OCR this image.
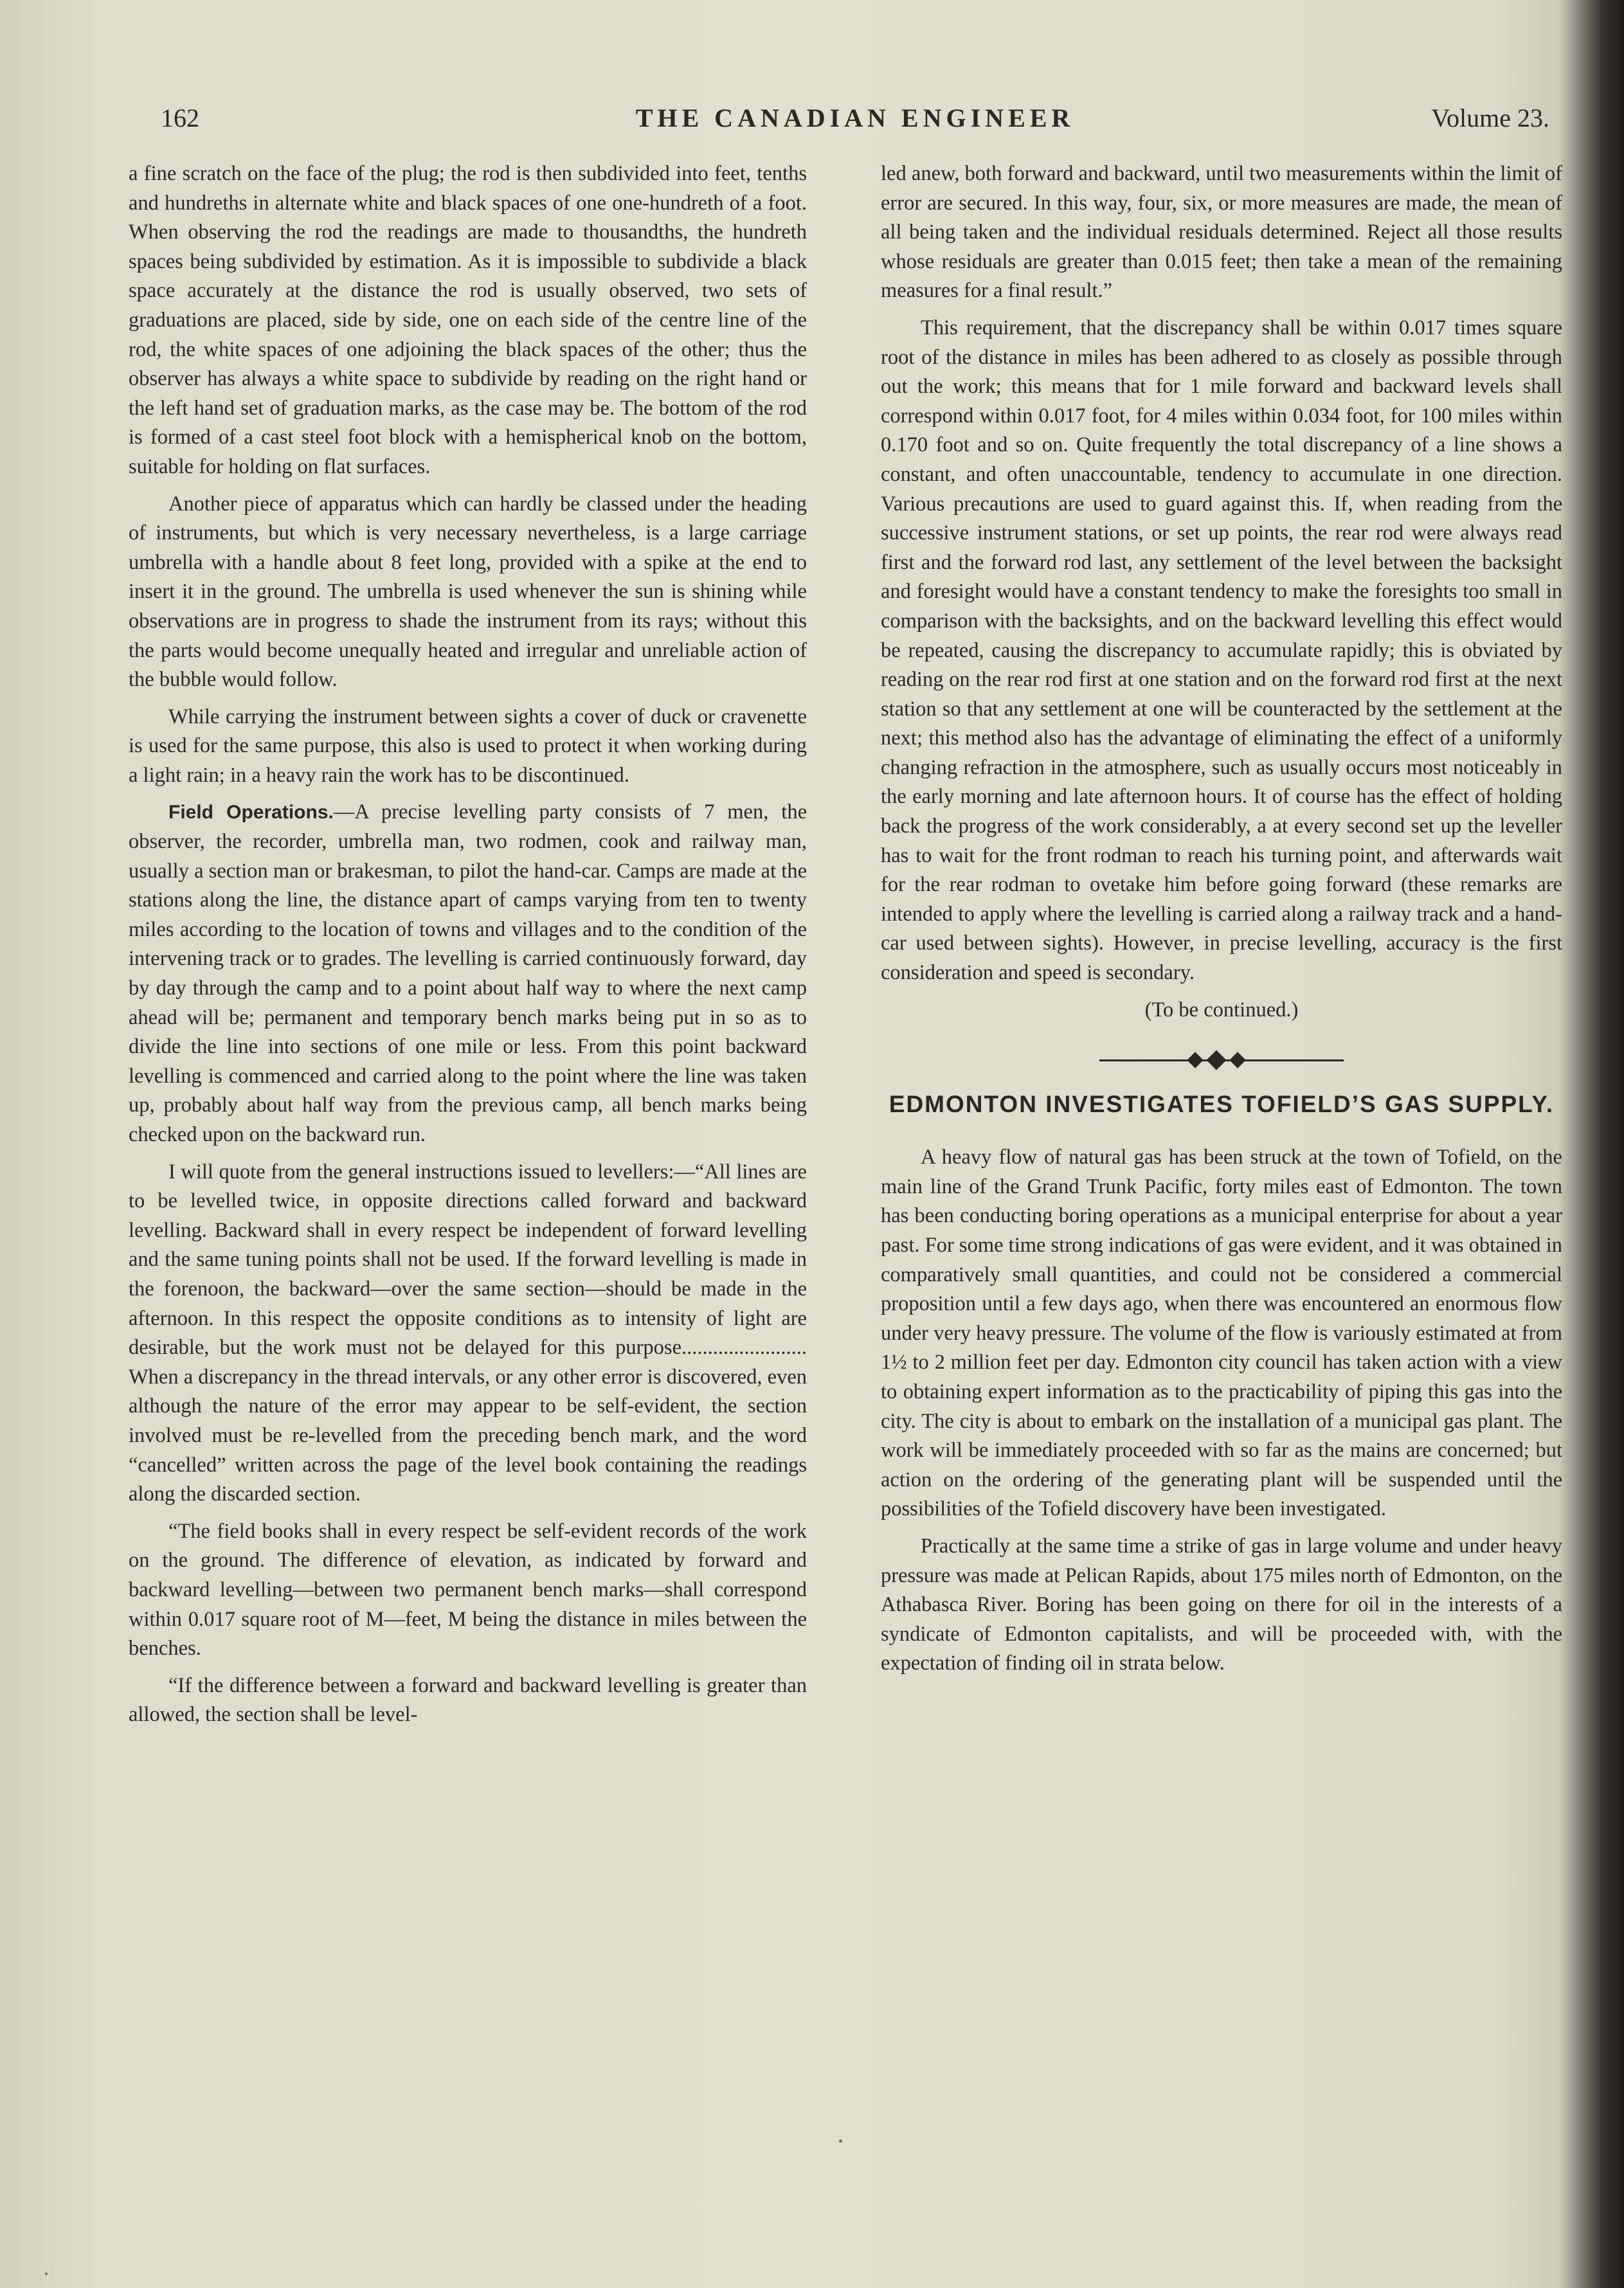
162	THE CANADIAN ENGINEER	Volume 23.

a fine scratch on the face of the plug; the rod is then subdivided into feet, tenths and hundreths in alternate white and black spaces of one one-hundreth of a foot. When observing the rod the readings are made to thousandths, the hundreth spaces being subdivided by estimation. As it is impossible to subdivide a black space accurately at the distance the rod is usually observed, two sets of graduations are placed, side by side, one on each side of the centre line of the rod, the white spaces of one adjoining the black spaces of the other; thus the observer has always a white space to subdivide by reading on the right hand or the left hand set of graduation marks, as the case may be. The bottom of the rod is formed of a cast steel foot block with a hemispherical knob on the bottom, suitable for holding on flat surfaces.

Another piece of apparatus which can hardly be classed under the heading of instruments, but which is very necessary nevertheless, is a large carriage umbrella with a handle about 8 feet long, provided with a spike at the end to insert it in the ground. The umbrella is used whenever the sun is shining while observations are in progress to shade the instrument from its rays; without this the parts would become unequally heated and irregular and unreliable action of the bubble would follow.

While carrying the instrument between sights a cover of duck or cravenette is used for the same purpose, this also is used to protect it when working during a light rain; in a heavy rain the work has to be discontinued.

Field Operations.—A precise levelling party consists of 7 men, the observer, the recorder, umbrella man, two rodmen, cook and railway man, usually a section man or brakesman, to pilot the hand-car. Camps are made at the stations along the line, the distance apart of camps varying from ten to twenty miles according to the location of towns and villages and to the condition of the intervening track or to grades. The levelling is carried continuously forward, day by day through the camp and to a point about half way to where the next camp ahead will be; permanent and temporary bench marks being put in so as to divide the line into sections of one mile or less. From this point backward levelling is commenced and carried along to the point where the line was taken up, probably about half way from the previous camp, all bench marks being checked upon on the backward run.

I will quote from the general instructions issued to levellers:—“All lines are to be levelled twice, in opposite directions called forward and backward levelling. Backward shall in every respect be independent of forward levelling and the same tuning points shall not be used. If the forward levelling is made in the forenoon, the backward—over the same section—should be made in the afternoon. In this respect the opposite conditions as to intensity of light are desirable, but the work must not be delayed for this purpose........................ When a discrepancy in the thread intervals, or any other error is discovered, even although the nature of the error may appear to be self-evident, the section involved must be re-levelled from the preceding bench mark, and the word “cancelled” written across the page of the level book containing the readings along the discarded section.

“The field books shall in every respect be self-evident records of the work on the ground. The difference of elevation, as indicated by forward and backward levelling—between two permanent bench marks—shall correspond within 0.017 square root of M—feet, M being the distance in miles between the benches.

“If the difference between a forward and backward levelling is greater than allowed, the section shall be level-

led anew, both forward and backward, until two measurements within the limit of error are secured. In this way, four, six, or more measures are made, the mean of all being taken and the individual residuals determined. Reject all those results whose residuals are greater than 0.015 feet; then take a mean of the remaining measures for a final result.”

This requirement, that the discrepancy shall be within 0.017 times square root of the distance in miles has been adhered to as closely as possible through out the work; this means that for 1 mile forward and backward levels shall correspond within 0.017 foot, for 4 miles within 0.034 foot, for 100 miles within 0.170 foot and so on. Quite frequently the total discrepancy of a line shows a constant, and often unaccountable, tendency to accumulate in one direction. Various precautions are used to guard against this. If, when reading from the successive instrument stations, or set up points, the rear rod were always read first and the forward rod last, any settlement of the level between the backsight and foresight would have a constant tendency to make the foresights too small in comparison with the backsights, and on the backward levelling this effect would be repeated, causing the discrepancy to accumulate rapidly; this is obviated by reading on the rear rod first at one station and on the forward rod first at the next station so that any settlement at one will be counteracted by the settlement at the next; this method also has the advantage of eliminating the effect of a uniformly changing refraction in the atmosphere, such as usually occurs most noticeably in the early morning and late afternoon hours. It of course has the effect of holding back the progress of the work considerably, a at every second set up the leveller has to wait for the front rodman to reach his turning point, and afterwards wait for the rear rodman to ovetake him before going forward (these remarks are intended to apply where the levelling is carried along a railway track and a hand-car used between sights). However, in precise levelling, accuracy is the first consideration and speed is secondary.

(To be continued.)
EDMONTON INVESTIGATES TOFIELD’S GAS SUPPLY.

A heavy flow of natural gas has been struck at the town of Tofield, on the main line of the Grand Trunk Pacific, forty miles east of Edmonton. The town has been conducting boring operations as a municipal enterprise for about a year past. For some time strong indications of gas were evident, and it was obtained in comparatively small quantities, and could not be considered a commercial proposition until a few days ago, when there was encountered an enormous flow under very heavy pressure. The volume of the flow is variously estimated at from 1½ to 2 million feet per day. Edmonton city council has taken action with a view to obtaining expert information as to the practicability of piping this gas into the city. The city is about to embark on the installation of a municipal gas plant. The work will be immediately proceeded with so far as the mains are concerned; but action on the ordering of the generating plant will be suspended until the possibilities of the Tofield discovery have been investigated.

Practically at the same time a strike of gas in large volume and under heavy pressure was made at Pelican Rapids, about 175 miles north of Edmonton, on the Athabasca River. Boring has been going on there for oil in the interests of a syndicate of Edmonton capitalists, and will be proceeded with, with the expectation of finding oil in strata below.
